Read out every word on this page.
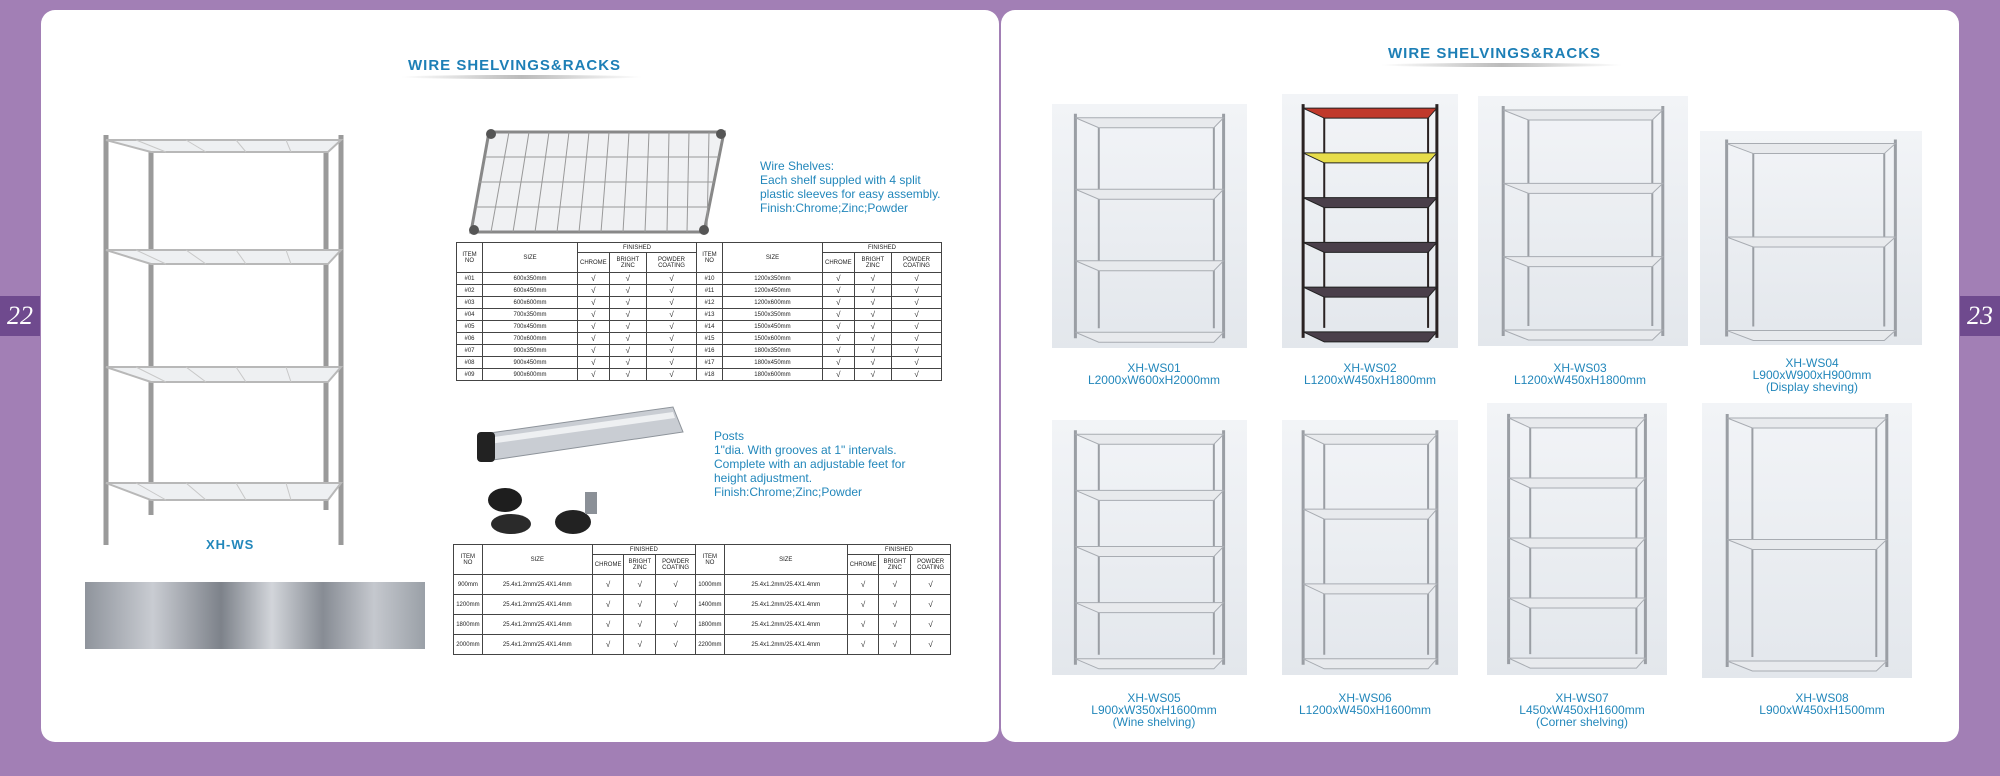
22	23
WIRE SHELVINGS&RACKS
XH-WS
Wire Shelves:
Each shelf suppled with 4 split
plastic sleeves for easy assembly.
Finish:Chrome;Zinc;Powder
ITEM NO	SIZE	FINISHED			ITEM NO	SIZE	FINISHED		
		CHROME	BRIGHT ZINC	POWDER COATING			CHROME	BRIGHT ZINC	POWDER COATING
#01	600x350mm	√	√	√	#10	1200x350mm	√	√	√
#02	600x450mm	√	√	√	#11	1200x450mm	√	√	√
#03	600x600mm	√	√	√	#12	1200x600mm	√	√	√
#04	700x350mm	√	√	√	#13	1500x350mm	√	√	√
#05	700x450mm	√	√	√	#14	1500x450mm	√	√	√
#06	700x600mm	√	√	√	#15	1500x600mm	√	√	√
#07	900x350mm	√	√	√	#16	1800x350mm	√	√	√
#08	900x450mm	√	√	√	#17	1800x450mm	√	√	√
#09	900x600mm	√	√	√	#18	1800x600mm	√	√	√
Posts
1"dia. With grooves at 1" intervals.
Complete with an adjustable feet for
height adjustment.
Finish:Chrome;Zinc;Powder
ITEM NO	SIZE	FINISHED			ITEM NO	SIZE	FINISHED		
		CHROME	BRIGHT ZINC	POWDER COATING			CHROME	BRIGHT ZINC	POWDER COATING
900mm	25.4x1.2mm/25.4X1.4mm	√	√	√	1000mm	25.4x1.2mm/25.4X1.4mm	√	√	√
1200mm	25.4x1.2mm/25.4X1.4mm	√	√	√	1400mm	25.4x1.2mm/25.4X1.4mm	√	√	√
1800mm	25.4x1.2mm/25.4X1.4mm	√	√	√	1800mm	25.4x1.2mm/25.4X1.4mm	√	√	√
2000mm	25.4x1.2mm/25.4X1.4mm	√	√	√	2200mm	25.4x1.2mm/25.4X1.4mm	√	√	√
WIRE SHELVINGS&RACKS
XH-WS01
L2000xW600xH2000mm
XH-WS02
L1200xW450xH1800mm
XH-WS03
L1200xW450xH1800mm
XH-WS04
L900xW900xH900mm
(Display sheving)
XH-WS05
L900xW350xH1600mm
(Wine shelving)
XH-WS06
L1200xW450xH1600mm
XH-WS07
L450xW450xH1600mm
(Corner shelving)
XH-WS08
L900xW450xH1500mm
